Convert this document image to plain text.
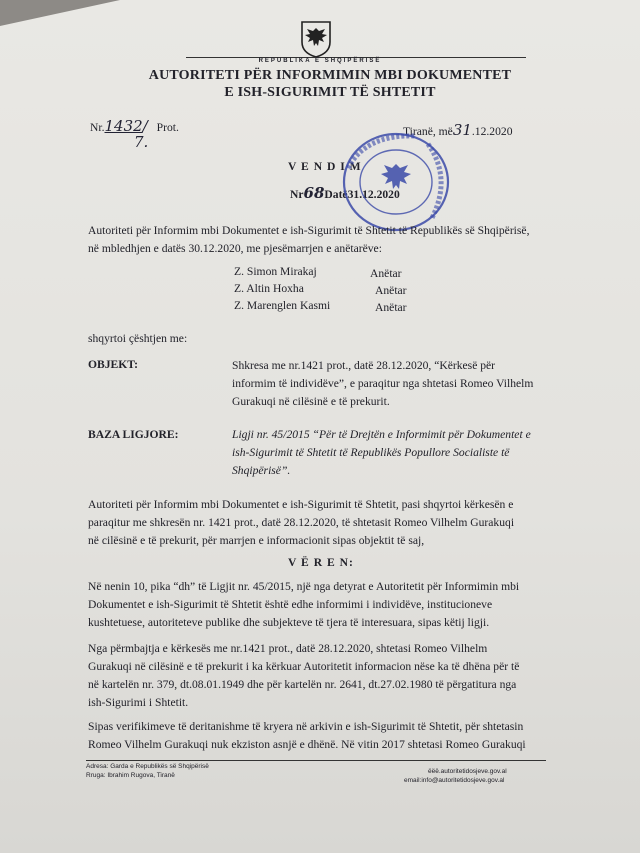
REPUBLIKA E SHQIPËRISË
AUTORITETI PËR INFORMIMIN MBI DOKUMENTET
E ISH-SIGURIMIT TË SHTETIT
Nr.1432/ Prot.
7.
Tiranë, më31.12.2020
V E N D I M
Nr68Datë31.12.2020
Autoriteti për Informim mbi Dokumentet e ish-Sigurimit të Shtetit të Republikës së Shqipërisë,
në mbledhjen e datës 30.12.2020, me pjesëmarrjen e anëtarëve:
Z. Simon Mirakaj	Anëtar
Z. Altin Hoxha	Anëtar
Z. Marenglen Kasmi	Anëtar
shqyrtoi çështjen me:
OBJEKT:	Shkresa me nr.1421 prot., datë 28.12.2020, “Kërkesë për
informim të individëve”, e paraqitur nga shtetasi Romeo Vilhelm
Gurakuqi në cilësinë e të prekurit.
BAZA LIGJORE:	Ligji nr. 45/2015 “Për të Drejtën e Informimit për Dokumentet e
ish-Sigurimit të Shtetit të Republikës Popullore Socialiste të
Shqipërisë”.
Autoriteti për Informim mbi Dokumentet e ish-Sigurimit të Shtetit, pasi shqyrtoi kërkesën e
paraqitur me shkresën nr. 1421 prot., datë 28.12.2020, të shtetasit Romeo Vilhelm Gurakuqi
në cilësinë e të prekurit, për marrjen e informacionit sipas objektit të saj,
V Ë R E N:
Në nenin 10, pika “dh” të Ligjit nr. 45/2015, një nga detyrat e Autoritetit për Informimin mbi
Dokumentet e ish-Sigurimit të Shtetit është edhe informimi i individëve, institucioneve
kushtetuese, autoriteteve publike dhe subjekteve të tjera të interesuara, sipas këtij ligji.
Nga përmbajtja e kërkesës me nr.1421 prot., datë 28.12.2020, shtetasi Romeo Vilhelm
Gurakuqi në cilësinë e të prekurit i ka kërkuar Autoritetit informacion nëse ka të dhëna për të
në kartelën nr. 379, dt.08.01.1949 dhe për kartelën nr. 2641, dt.27.02.1980 të përgatitura nga
ish-Sigurimi i Shtetit.
Sipas verifikimeve të deritanishme të kryera në arkivin e ish-Sigurimit të Shtetit, për shtetasin
Romeo Vilhelm Gurakuqi nuk ekziston asnjë e dhënë. Në vitin 2017 shtetasi Romeo Gurakuqi
Adresa: Garda e Republikës së Shqipërisë
Rruga: Ibrahim Rugova, Tiranë
ëëë.autoritetidosjeve.gov.al
email:info@autoritetidosjeve.gov.al
